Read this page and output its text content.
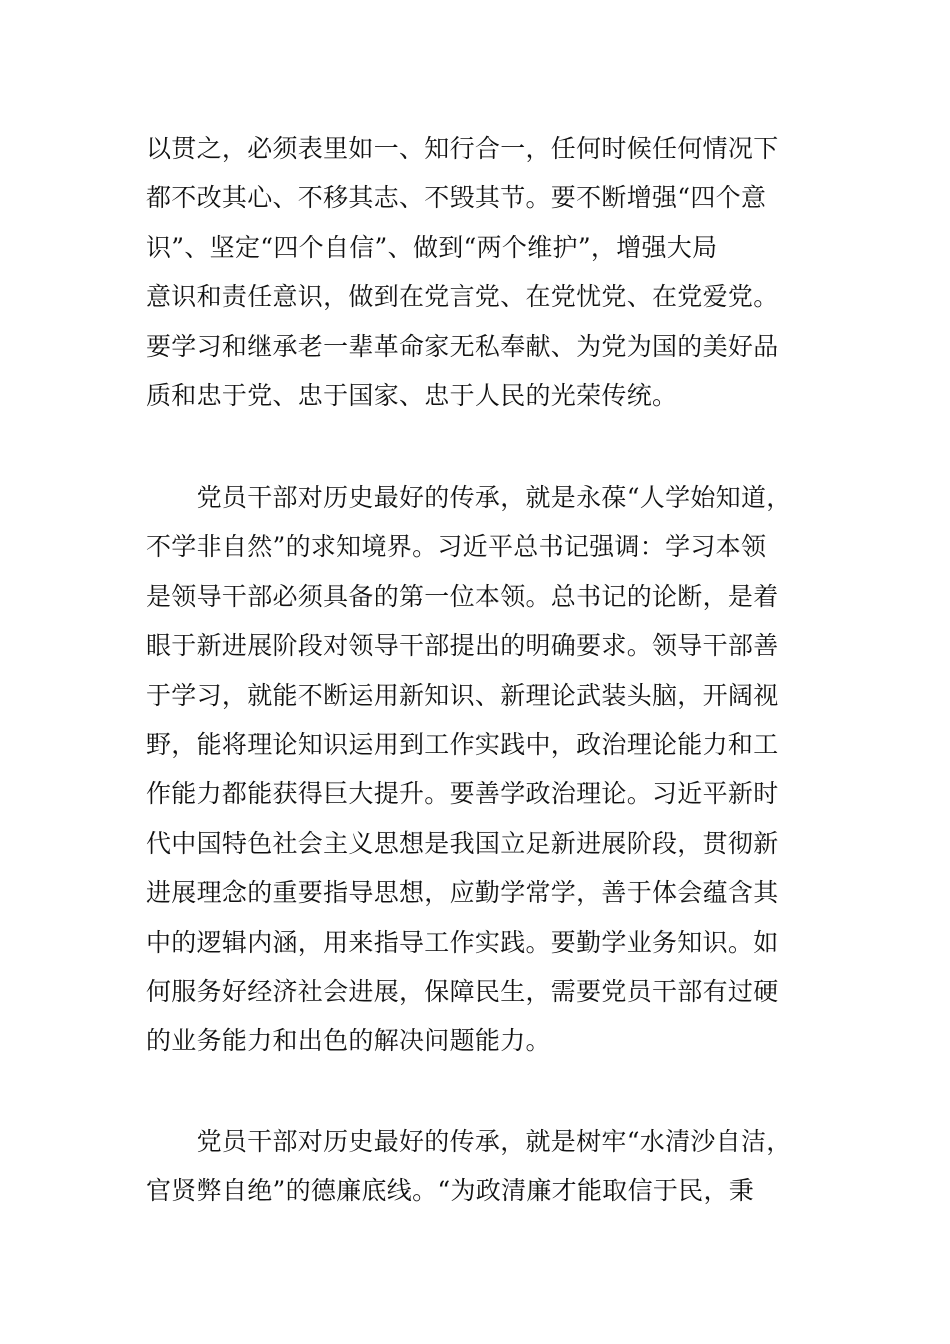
以贯之，必须表里如一、知行合一，任何时候任何情况下
都不改其心、不移其志、不毁其节。要不断增强“四个意
识”、坚定“四个自信”、做到“两个维护”，增强大局
意识和责任意识，做到在党言党、在党忧党、在党爱党。
要学习和继承老一辈革命家无私奉献、为党为国的美好品
质和忠于党、忠于国家、忠于人民的光荣传统。
　　党员干部对历史最好的传承，就是永葆“人学始知道，
不学非自然”的求知境界。习近平总书记强调：学习本领
是领导干部必须具备的第一位本领。总书记的论断，是着
眼于新进展阶段对领导干部提出的明确要求。领导干部善
于学习，就能不断运用新知识、新理论武装头脑，开阔视
野，能将理论知识运用到工作实践中，政治理论能力和工
作能力都能获得巨大提升。要善学政治理论。习近平新时
代中国特色社会主义思想是我国立足新进展阶段，贯彻新
进展理念的重要指导思想，应勤学常学，善于体会蕴含其
中的逻辑内涵，用来指导工作实践。要勤学业务知识。如
何服务好经济社会进展，保障民生，需要党员干部有过硬
的业务能力和出色的解决问题能力。
　　党员干部对历史最好的传承，就是树牢“水清沙自洁，
官贤弊自绝”的德廉底线。“为政清廉才能取信于民，秉
